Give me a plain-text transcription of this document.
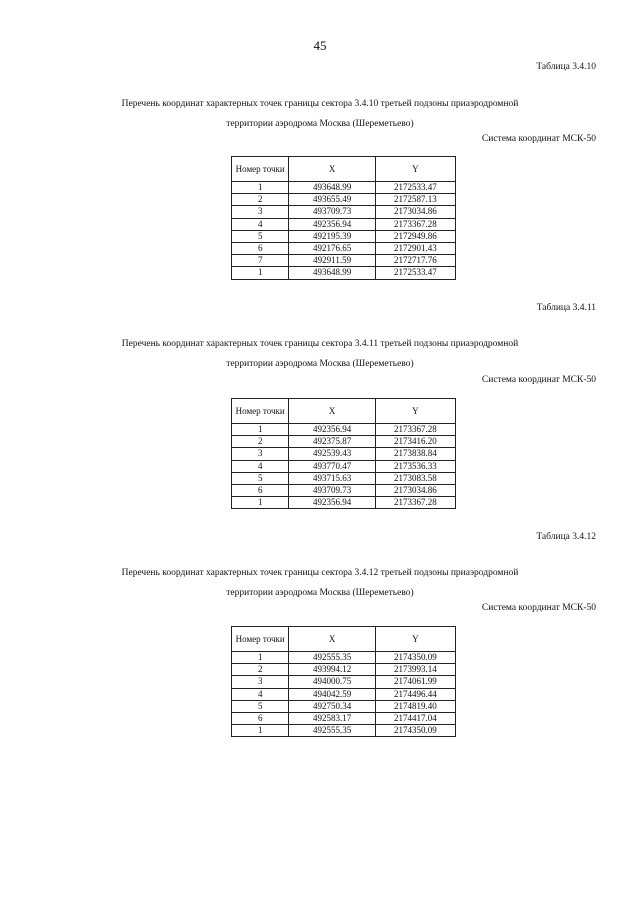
45
Таблица 3.4.10
Перечень координат характерных точек границы сектора 3.4.10 третьей подзоны приаэродромной
территории аэродрома Москва (Шереметьево)
Система координат МСК-50
Номер точки	X	Y
1	493648.99	2172533.47
2	493655.49	2172587.13
3	493709.73	2173034.86
4	492356.94	2173367.28
5	492195.39	2172949.86
6	492176.65	2172901.43
7	492911.59	2172717.76
1	493648.99	2172533.47
Таблица 3.4.11
Перечень координат характерных точек границы сектора 3.4.11 третьей подзоны приаэродромной
территории аэродрома Москва (Шереметьево)
Система координат МСК-50
Номер точки	X	Y
1	492356.94	2173367.28
2	492375.87	2173416.20
3	492539.43	2173838.84
4	493770.47	2173536.33
5	493715.63	2173083.58
6	493709.73	2173034.86
1	492356.94	2173367.28
Таблица 3.4.12
Перечень координат характерных точек границы сектора 3.4.12 третьей подзоны приаэродромной
территории аэродрома Москва (Шереметьево)
Система координат МСК-50
Номер точки	X	Y
1	492555.35	2174350.09
2	493994.12	2173993.14
3	494000.75	2174061.99
4	494042.59	2174496.44
5	492750.34	2174819.40
6	492583.17	2174417.04
1	492555.35	2174350.09
